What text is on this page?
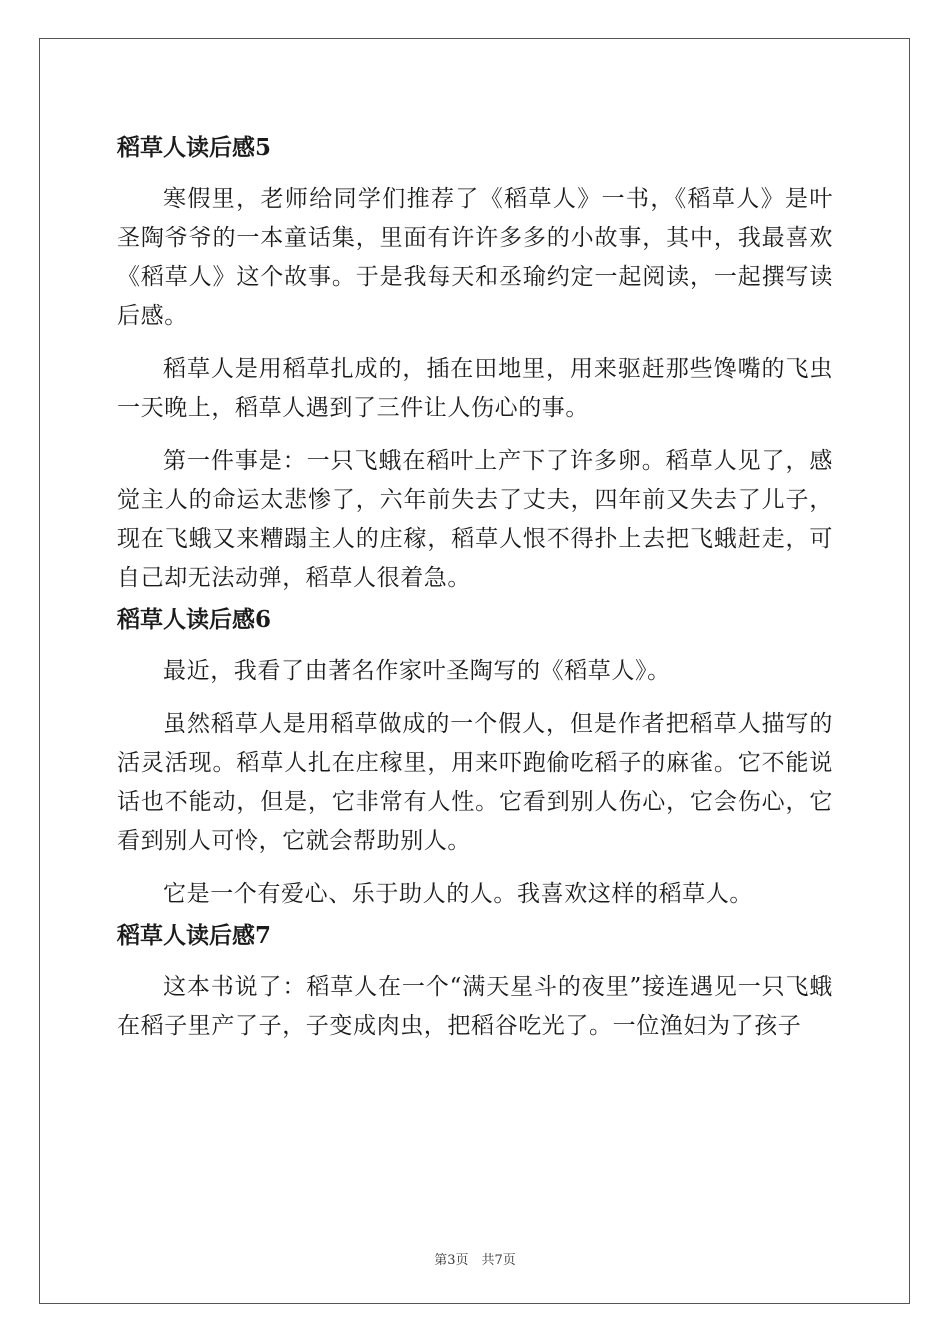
稻草人读后感5

寒假里，老师给同学们推荐了《稻草人》一书，《稻草人》是叶圣陶爷爷的一本童话集，里面有许许多多的小故事，其中，我最喜欢《稻草人》这个故事。于是我每天和丞瑜约定一起阅读，一起撰写读后感。

稻草人是用稻草扎成的，插在田地里，用来驱赶那些馋嘴的飞虫一天晚上，稻草人遇到了三件让人伤心的事。

第一件事是：一只飞蛾在稻叶上产下了许多卵。稻草人见了，感觉主人的命运太悲惨了，六年前失去了丈夫，四年前又失去了儿子，现在飞蛾又来糟蹋主人的庄稼，稻草人恨不得扑上去把飞蛾赶走，可自己却无法动弹，稻草人很着急。

稻草人读后感6

最近，我看了由著名作家叶圣陶写的《稻草人》。

虽然稻草人是用稻草做成的一个假人，但是作者把稻草人描写的活灵活现。稻草人扎在庄稼里，用来吓跑偷吃稻子的麻雀。它不能说话也不能动，但是，它非常有人性。它看到别人伤心，它会伤心，它看到别人可怜，它就会帮助别人。

它是一个有爱心、乐于助人的人。我喜欢这样的稻草人。

稻草人读后感7

这本书说了：稻草人在一个“满天星斗的夜里”接连遇见一只飞蛾在稻子里产了子，子变成肉虫，把稻谷吃光了。一位渔妇为了孩子

第3页　共7页
